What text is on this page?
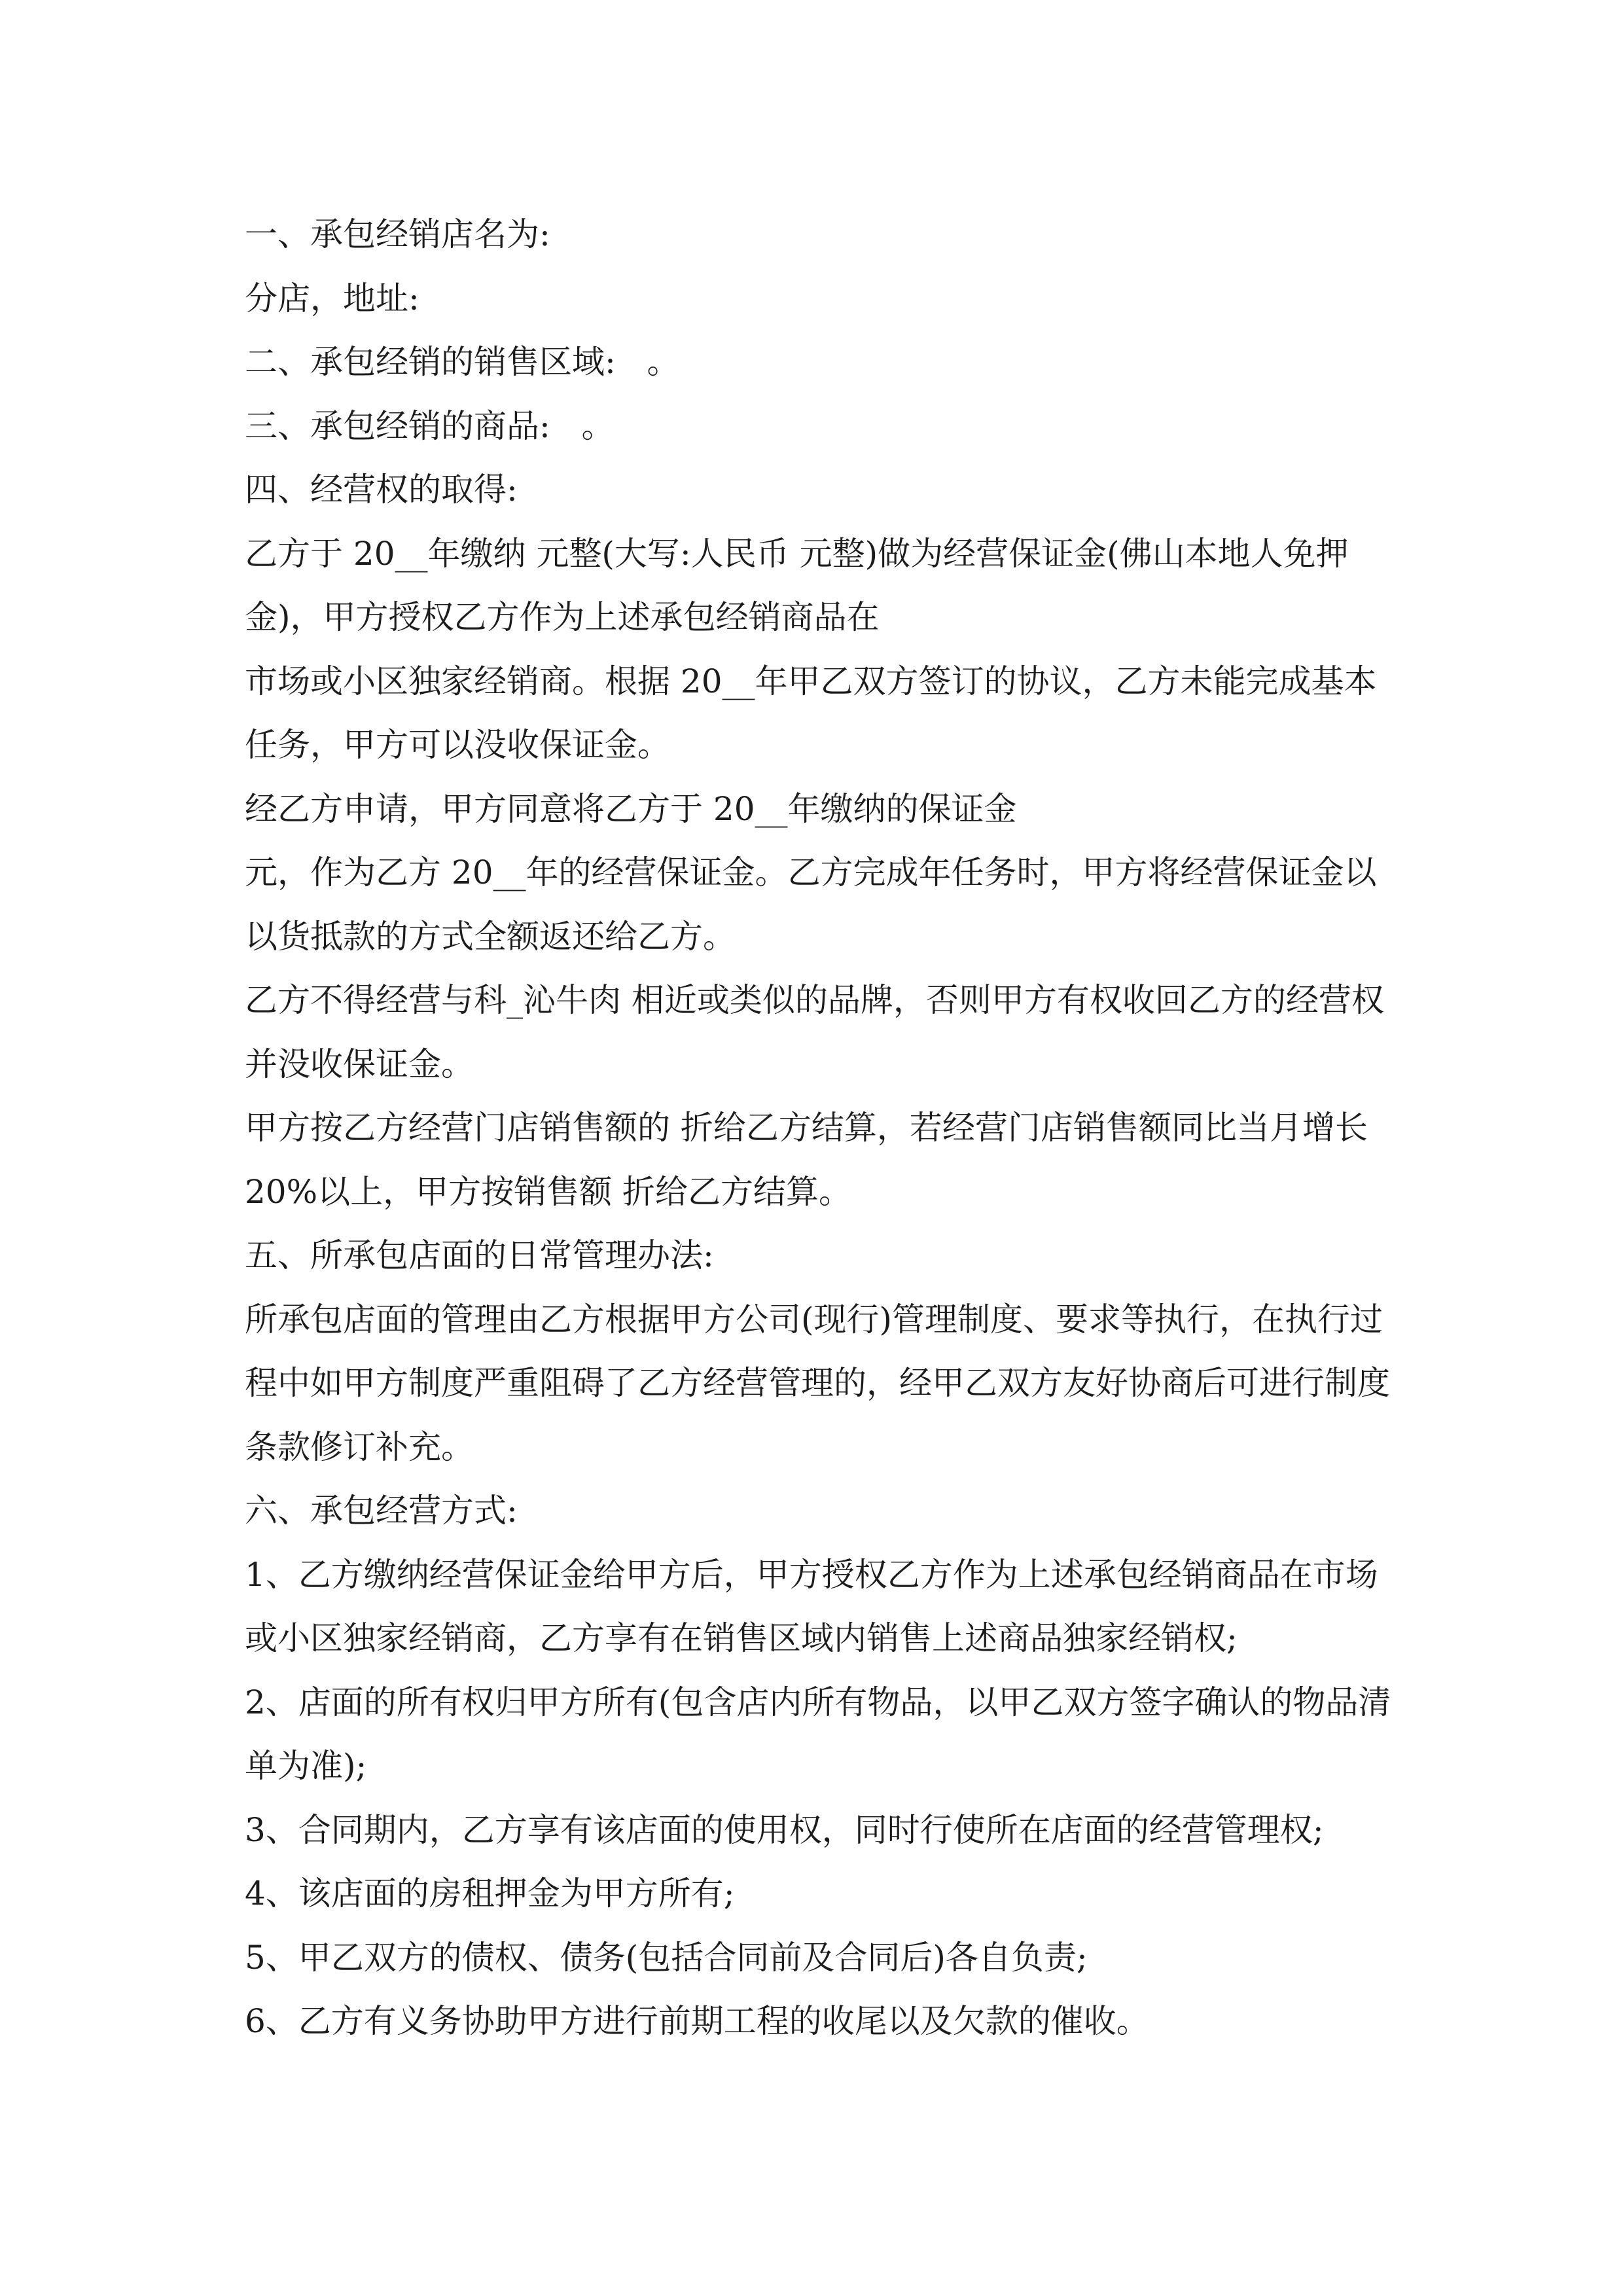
一、承包经销店名为:
分店，地址:
二、承包经销的销售区域:   。
三、承包经销的商品:   。
四、经营权的取得:
乙方于 20__年缴纳 元整(大写:人民币 元整)做为经营保证金(佛山本地人免押
金)，甲方授权乙方作为上述承包经销商品在
市场或小区独家经销商。根据 20__年甲乙双方签订的协议，乙方未能完成基本
任务，甲方可以没收保证金。
经乙方申请，甲方同意将乙方于 20__年缴纳的保证金
元，作为乙方 20__年的经营保证金。乙方完成年任务时，甲方将经营保证金以
以货抵款的方式全额返还给乙方。
乙方不得经营与科_沁牛肉 相近或类似的品牌，否则甲方有权收回乙方的经营权
并没收保证金。
甲方按乙方经营门店销售额的 折给乙方结算，若经营门店销售额同比当月增长
20%以上，甲方按销售额 折给乙方结算。
五、所承包店面的日常管理办法:
所承包店面的管理由乙方根据甲方公司(现行)管理制度、要求等执行，在执行过
程中如甲方制度严重阻碍了乙方经营管理的，经甲乙双方友好协商后可进行制度
条款修订补充。
六、承包经营方式:
1、乙方缴纳经营保证金给甲方后，甲方授权乙方作为上述承包经销商品在市场
或小区独家经销商，乙方享有在销售区域内销售上述商品独家经销权;
2、店面的所有权归甲方所有(包含店内所有物品，以甲乙双方签字确认的物品清
单为准);
3、合同期内，乙方享有该店面的使用权，同时行使所在店面的经营管理权;
4、该店面的房租押金为甲方所有;
5、甲乙双方的债权、债务(包括合同前及合同后)各自负责;
6、乙方有义务协助甲方进行前期工程的收尾以及欠款的催收。
